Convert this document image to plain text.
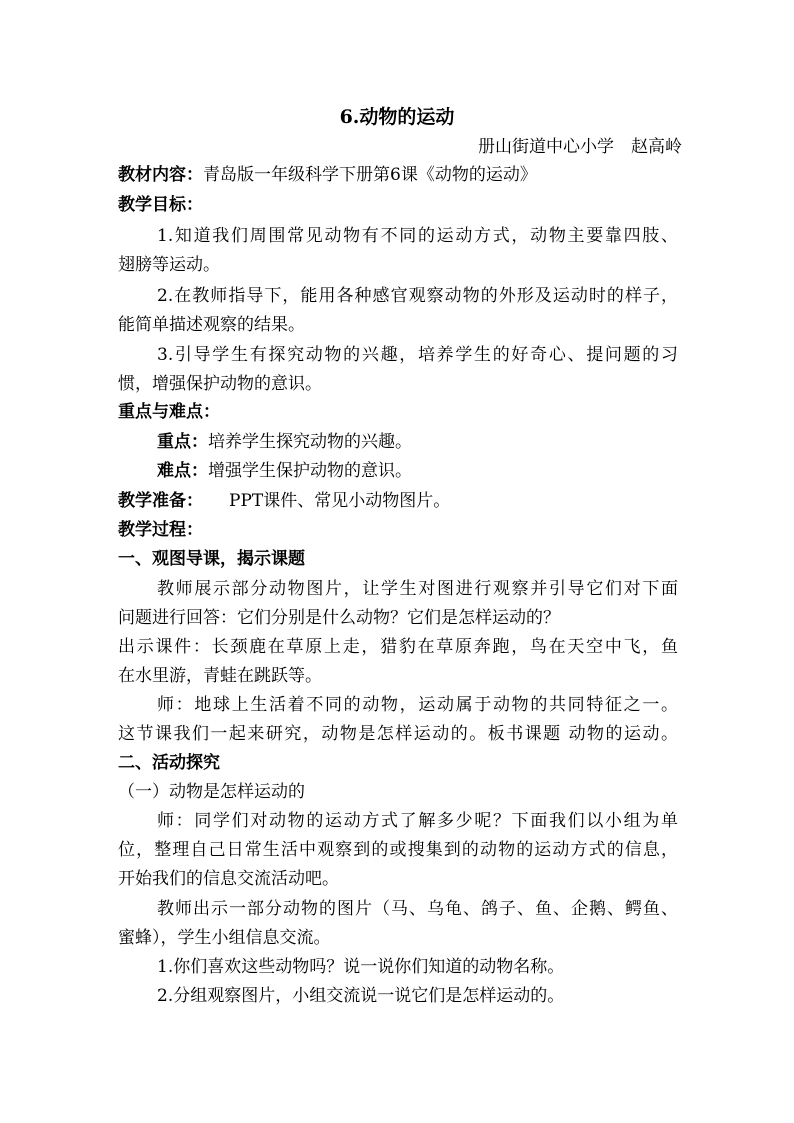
6.动物的运动
册山街道中心小学　赵高岭
教材内容：青岛版一年级科学下册第6课《动物的运动》
教学目标：
1.知道我们周围常见动物有不同的运动方式，动物主要靠四肢、
翅膀等运动。
2.在教师指导下，能用各种感官观察动物的外形及运动时的样子，
能简单描述观察的结果。
3.引导学生有探究动物的兴趣，培养学生的好奇心、提问题的习
惯，增强保护动物的意识。
重点与难点：
重点：培养学生探究动物的兴趣。
难点：增强学生保护动物的意识。
教学准备： PPT课件、常见小动物图片。
教学过程：
一、观图导课，揭示课题
教师展示部分动物图片，让学生对图进行观察并引导它们对下面
问题进行回答：它们分别是什么动物？它们是怎样运动的？
出示课件：长颈鹿在草原上走，猎豹在草原奔跑，鸟在天空中飞，鱼
在水里游，青蛙在跳跃等。
师：地球上生活着不同的动物，运动属于动物的共同特征之一。
这节课我们一起来研究，动物是怎样运动的。板书课题 动物的运动。
二、活动探究
（一）动物是怎样运动的
师：同学们对动物的运动方式了解多少呢？下面我们以小组为单
位，整理自己日常生活中观察到的或搜集到的动物的运动方式的信息，
开始我们的信息交流活动吧。
教师出示一部分动物的图片（马、乌龟、鸽子、鱼、企鹅、鳄鱼、
蜜蜂），学生小组信息交流。
1.你们喜欢这些动物吗？说一说你们知道的动物名称。
2.分组观察图片，小组交流说一说它们是怎样运动的。
